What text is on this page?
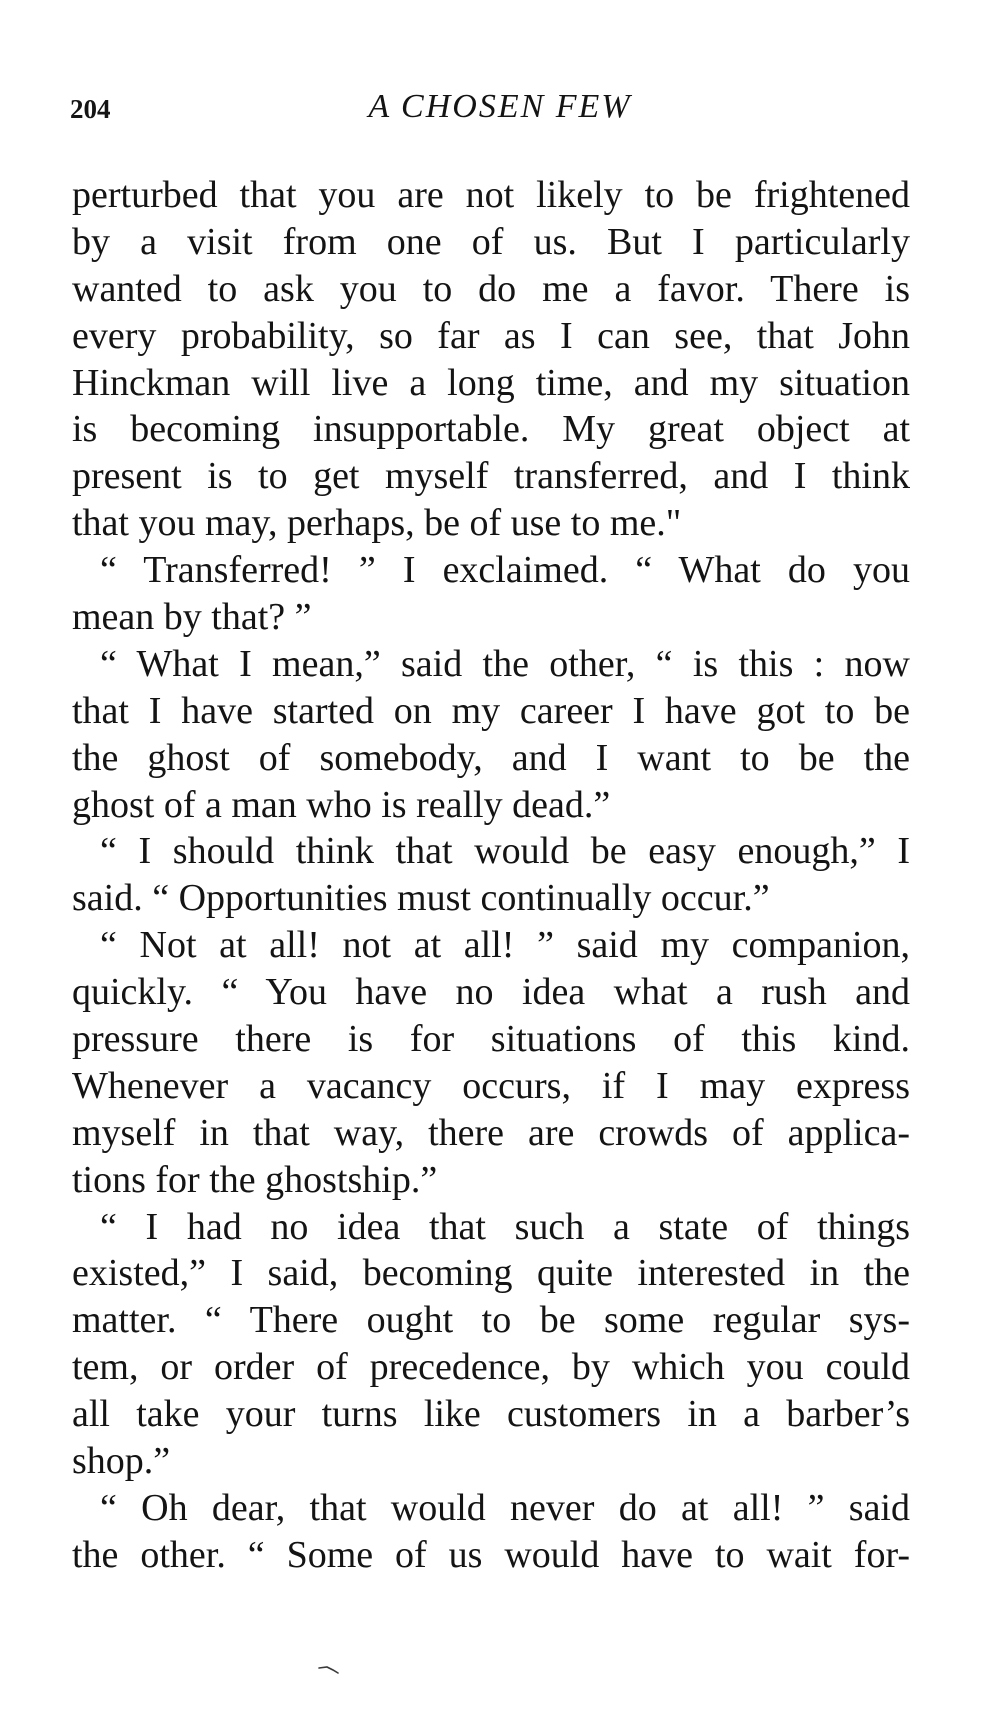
204	A CHOSEN FEW
perturbed that you are not likely to be frightened
by a visit from one of us. But I particularly
wanted to ask you to do me a favor. There is
every probability, so far as I can see, that John
Hinckman will live a long time, and my situation
is becoming insupportable. My great object at
present is to get myself transferred, and I think
that you may, perhaps, be of use to me."
“ Transferred! ” I exclaimed. “ What do you
mean by that? ”
“ What I mean,” said the other, “ is this : now
that I have started on my career I have got to be
the ghost of somebody, and I want to be the
ghost of a man who is really dead.”
“ I should think that would be easy enough,” I
said. “ Opportunities must continually occur.”
“ Not at all! not at all! ” said my companion,
quickly. “ You have no idea what a rush and
pressure there is for situations of this kind.
Whenever a vacancy occurs, if I may express
myself in that way, there are crowds of applica-
tions for the ghostship.”
“ I had no idea that such a state of things
existed,” I said, becoming quite interested in the
matter. “ There ought to be some regular sys-
tem, or order of precedence, by which you could
all take your turns like customers in a barber’s
shop.”
“ Oh dear, that would never do at all! ” said
the other. “ Some of us would have to wait for-
